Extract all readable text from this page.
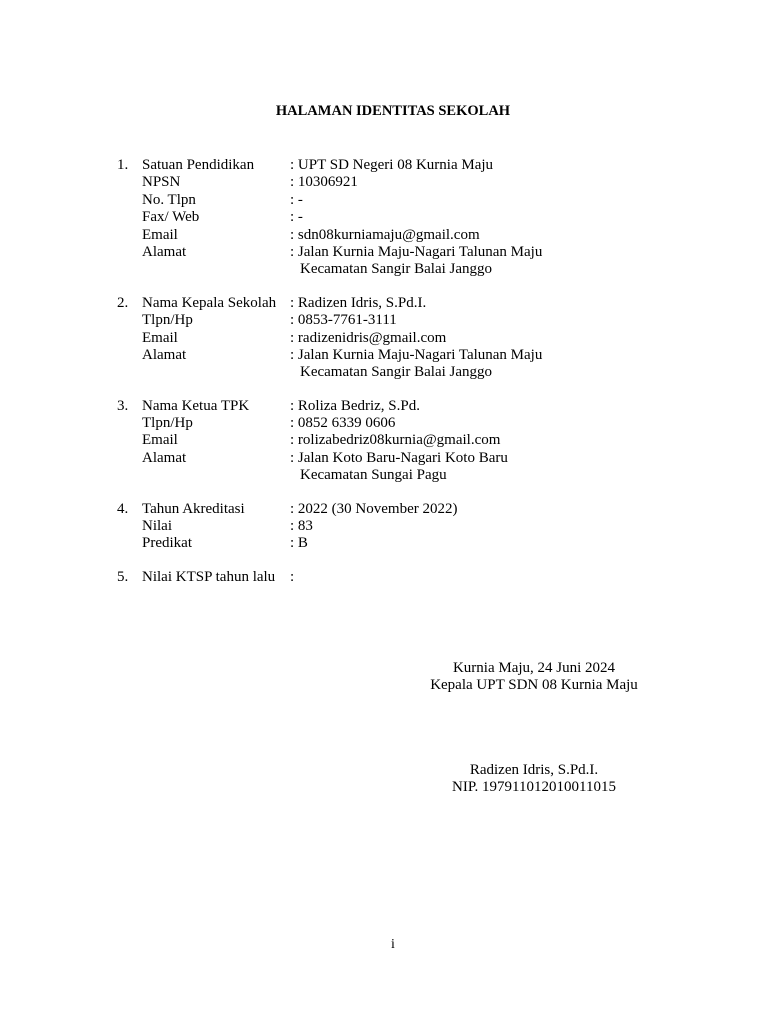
HALAMAN IDENTITAS SEKOLAH
1. Satuan Pendidikan : UPT SD Negeri 08 Kurnia Maju
NPSN	: 10306921
No. Tlpn	: -
Fax/ Web	: -
Email	: sdn08kurniamaju@gmail.com
Alamat	: Jalan Kurnia Maju-Nagari Talunan Maju
Kecamatan Sangir Balai Janggo
2. Nama Kepala Sekolah : Radizen Idris, S.Pd.I.
Tlpn/Hp	: 0853-7761-3111
Email	: radizenidris@gmail.com
Alamat	: Jalan Kurnia Maju-Nagari Talunan Maju
Kecamatan Sangir Balai Janggo
3. Nama Ketua TPK	: Roliza Bedriz, S.Pd.
Tlpn/Hp	: 0852 6339 0606
Email	: rolizabedriz08kurnia@gmail.com
Alamat	: Jalan Koto Baru-Nagari Koto Baru
Kecamatan Sungai Pagu
4. Tahun Akreditasi	: 2022 (30 November 2022)
Nilai	: 83
Predikat	: B
5. Nilai KTSP tahun lalu :
Kurnia Maju, 24 Juni 2024
Kepala UPT SDN 08 Kurnia Maju
Radizen Idris, S.Pd.I.
NIP. 197911012010011015
i
